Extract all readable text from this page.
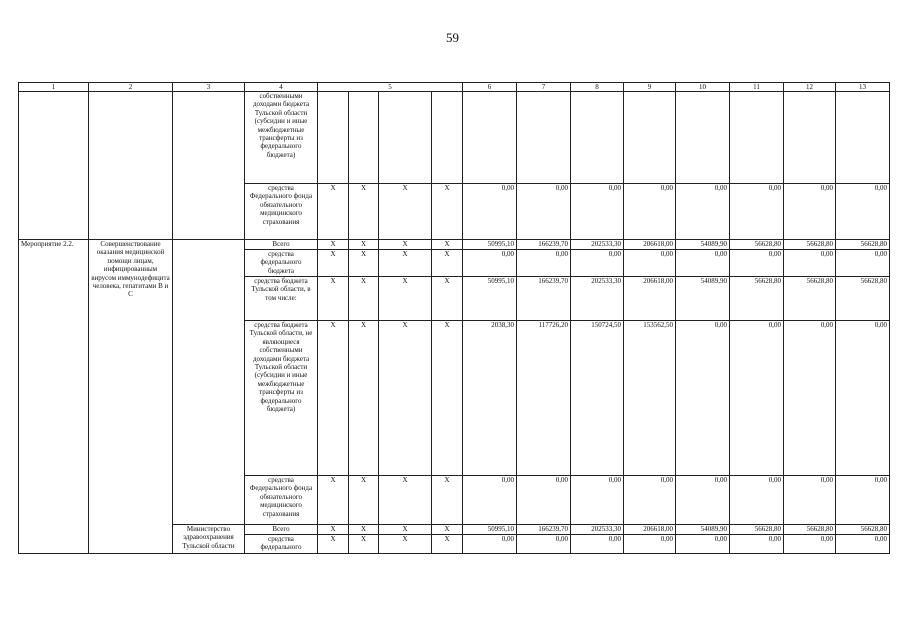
59
1	2	3	4	5				6	7	8	9	10	11	12	13
			собственными доходами бюджета Тульской области (субсидии и иные межбюджетные трансферты из федерального бюджета)												
			средства Федерального фонда обязательного медицинского страхования	X	X	X	X	0,00	0,00	0,00	0,00	0,00	0,00	0,00	0,00
Мероприятие 2.2.	Совершенствование оказания медицинской помощи лицам, инфицированным вирусом иммунодефицита человека, гепатитами B и C		Всего	X	X	X	X	50995,10	166239,70	202533,30	206618,00	54089,90	56628,80	56628,80	56628,80
			средства федерального бюджета	X	X	X	X	0,00	0,00	0,00	0,00	0,00	0,00	0,00	0,00
			средства бюджета Тульской области, в том числе:	X	X	X	X	50995,10	166239,70	202533,30	206618,00	54089,90	56628,80	56628,80	56628,80
			средства бюджета Тульской области, не являющиеся собственными доходами бюджета Тульской области (субсидии и иные межбюджетные трансферты из федерального бюджета)	X	X	X	X	2038,30	117726,20	150724,50	153562,50	0,00	0,00	0,00	0,00
			средства Федерального фонда обязательного медицинского страхования	X	X	X	X	0,00	0,00	0,00	0,00	0,00	0,00	0,00	0,00
		Министерство здравоохранения Тульской области	Всего	X	X	X	X	50995,10	166239,70	202533,30	206618,00	54089,90	56628,80	56628,80	56628,80
			средства федерального	X	X	X	X	0,00	0,00	0,00	0,00	0,00	0,00	0,00	0,00
